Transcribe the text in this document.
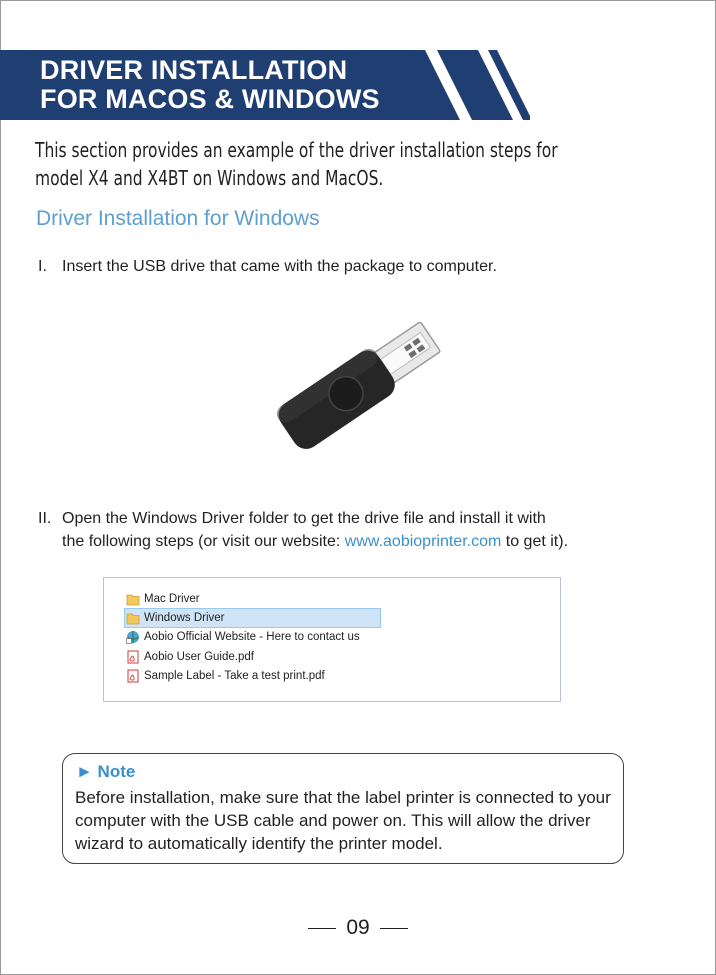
DRIVER INSTALLATION
FOR MACOS & WINDOWS
This section provides an example of the driver installation steps for model X4 and X4BT on Windows and MacOS.
Driver Installation for Windows
I. Insert the USB drive that came with the package to computer.
II. Open the Windows Driver folder to get the drive file and install it with
the following steps (or visit our website: www.aobioprinter.com to get it).
Mac Driver
Windows Driver
Aobio Official Website - Here to contact us
Aobio User Guide.pdf
Sample Label - Take a test print.pdf
► Note
Before installation, make sure that the label printer is connected to your computer with the USB cable and power on. This will allow the driver wizard to automatically identify the printer model.
09
